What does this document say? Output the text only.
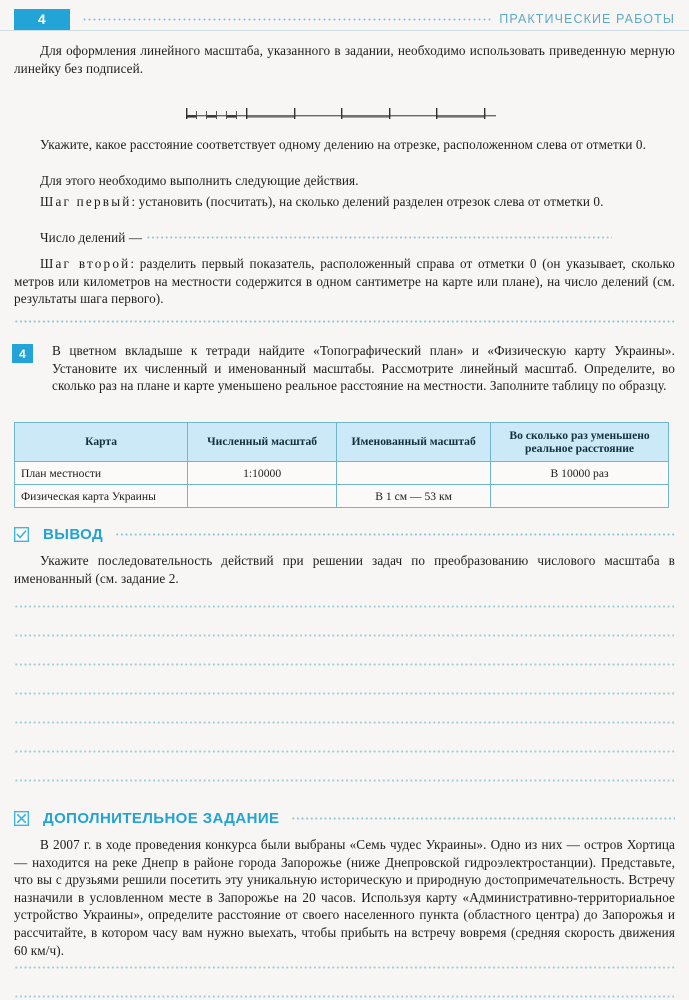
4	ПРАКТИЧЕСКИЕ РАБОТЫ
Для оформления линейного масштаба, указанного в задании, необходимо использовать приведенную мерную линейку без подписей.
Укажите, какое расстояние соответствует одному делению на отрезке, расположенном слева от отметки 0.
Для этого необходимо выполнить следующие действия.
Шаг первый: установить (посчитать), на сколько делений разделен отрезок слева от отметки 0.
Число делений —
Шаг второй: разделить первый показатель, расположенный справа от отметки 0 (он указывает, сколько метров или километров на местности содержится в одном сантиметре на карте или плане), на число делений (см. результаты шага первого).
4	В цветном вкладыше к тетради найдите «Топографический план» и «Физическую карту Украины». Установите их численный и именованный масштабы. Рассмотрите линейный масштаб. Определите, во сколько раз на плане и карте уменьшено реальное расстояние на местности. Заполните таблицу по образцу.
Карта	Численный масштаб	Именованный масштаб	Во сколько раз уменьшено реальное расстояние
План местности	1:10000		В 10000 раз
Физическая карта Украины		В 1 см — 53 км	
ВЫВОД
Укажите последовательность действий при решении задач по преобразованию числового масштаба в именованный (см. задание 2.
ДОПОЛНИТЕЛЬНОЕ ЗАДАНИЕ
В 2007 г. в ходе проведения конкурса были выбраны «Семь чудес Украины». Одно из них — остров Хортица — находится на реке Днепр в районе города Запорожье (ниже Днепровской гидроэлектростанции). Представьте, что вы с друзьями решили посетить эту уникальную историческую и природную достопримечательность. Встречу назначили в условленном месте в Запорожье на 20 часов. Используя карту «Административно-территориальное устройство Украины», определите расстояние от своего населенного пункта (областного центра) до Запорожья и рассчитайте, в котором часу вам нужно выехать, чтобы прибыть на встречу вовремя (средняя скорость движения 60 км/ч).
